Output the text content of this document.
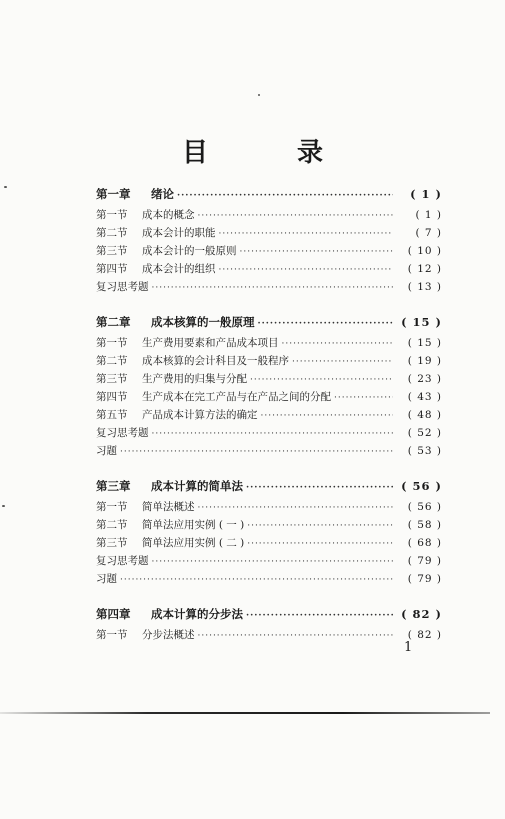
目 录
第一章	绪论 ·····	( 1 )
第一节	成本的概念 ·····	( 1 )
第二节	成本会计的职能 ·····	( 7 )
第三节	成本会计的一般原则 ·····	( 10 )
第四节	成本会计的组织 ·····	( 12 )
复习思考题 ·····	( 13 )
第二章	成本核算的一般原理 ·····	( 15 )
第一节	生产费用要素和产品成本项目 ·····	( 15 )
第二节	成本核算的会计科目及一般程序 ·····	( 19 )
第三节	生产费用的归集与分配 ·····	( 23 )
第四节	生产成本在完工产品与在产品之间的分配 ·····	( 43 )
第五节	产品成本计算方法的确定 ·····	( 48 )
复习思考题 ·····	( 52 )
习题 ·····	( 53 )
第三章	成本计算的简单法 ·····	( 56 )
第一节	简单法概述 ·····	( 56 )
第二节	简单法应用实例 ( 一 ) ·····	( 58 )
第三节	简单法应用实例 ( 二 ) ·····	( 68 )
复习思考题 ·····	( 79 )
习题 ·····	( 79 )
第四章	成本计算的分步法 ·····	( 82 )
第一节	分步法概述 ·····	( 82 )
1
